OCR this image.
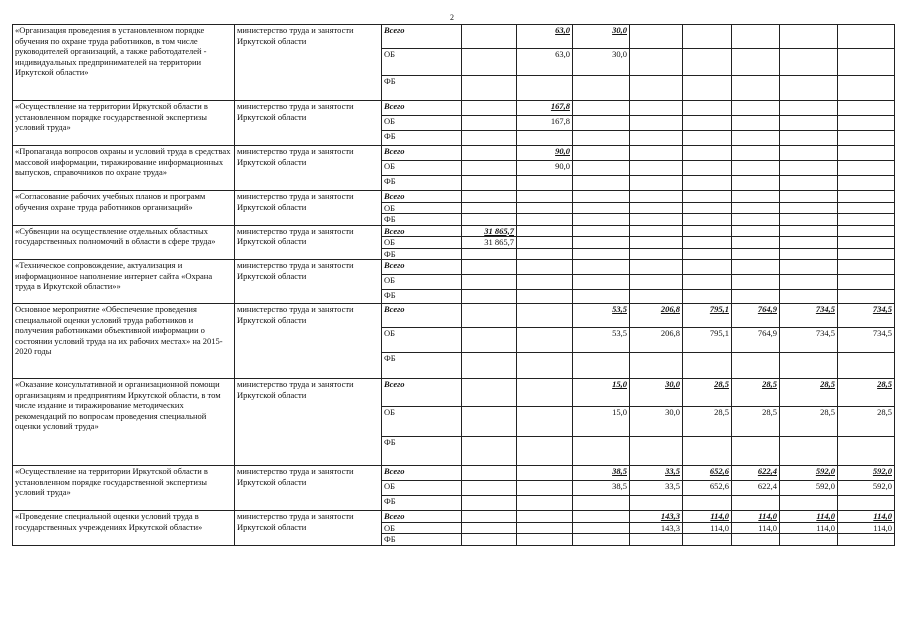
2
«Организация проведения в установленном порядке обучения по охране труда работников, в том числе руководителей организаций, а также работодателей - индивидуальных предпринимателей на территории Иркутской области»	министерство труда и занятости Иркутской области	Всего		63,0	30,0					
		ОБ		63,0	30,0					
		ФБ								
«Осуществление на территории Иркутской области в установленном порядке государственной экспертизы условий труда»	министерство труда и занятости Иркутской области	Всего		167,8						
		ОБ		167,8						
		ФБ								
«Пропаганда вопросов охраны и условий труда в средствах массовой информации, тиражирование информационных выпусков, справочников по охране труда»	министерство труда и занятости Иркутской области	Всего		90,0						
		ОБ		90,0						
		ФБ								
«Согласование рабочих учебных планов и программ обучения охране труда работников организаций»	министерство труда и занятости Иркутской области	Всего								
		ОБ								
		ФБ								
«Субвенции на осуществление отдельных областных государственных полномочий в области в сфере труда»	министерство труда и занятости Иркутской области	Всего	31 865,7							
		ОБ	31 865,7							
		ФБ								
«Техническое сопровождение, актуализация и информационное наполнение интернет сайта «Охрана труда в Иркутской области»»	министерство труда и занятости Иркутской области	Всего								
		ОБ								
		ФБ								
Основное мероприятие «Обеспечение проведения специальной оценки условий труда работников и получения работниками объективной информации о состоянии условий труда на их рабочих местах» на 2015-2020 годы	министерство труда и занятости Иркутской области	Всего			53,5	206,8	795,1	764,9	734,5	734,5
		ОБ			53,5	206,8	795,1	764,9	734,5	734,5
		ФБ								
«Оказание консультативной и организационной помощи организациям и предприятиям Иркутской области, в том числе издание и тиражирование методических рекомендаций по вопросам проведения специальной оценки условий труда»	министерство труда и занятости Иркутской области	Всего			15,0	30,0	28,5	28,5	28,5	28,5
		ОБ			15,0	30,0	28,5	28,5	28,5	28,5
		ФБ								
«Осуществление на территории Иркутской области в установленном порядке государственной экспертизы условий труда»	министерство труда и занятости Иркутской области	Всего			38,5	33,5	652,6	622,4	592,0	592,0
		ОБ			38,5	33,5	652,6	622,4	592,0	592,0
		ФБ								
«Проведение специальной оценки условий труда в государственных учреждениях Иркутской области»	министерство труда и занятости Иркутской области	Всего				143,3	114,0	114,0	114,0	114,0
		ОБ				143,3	114,0	114,0	114,0	114,0
		ФБ								
